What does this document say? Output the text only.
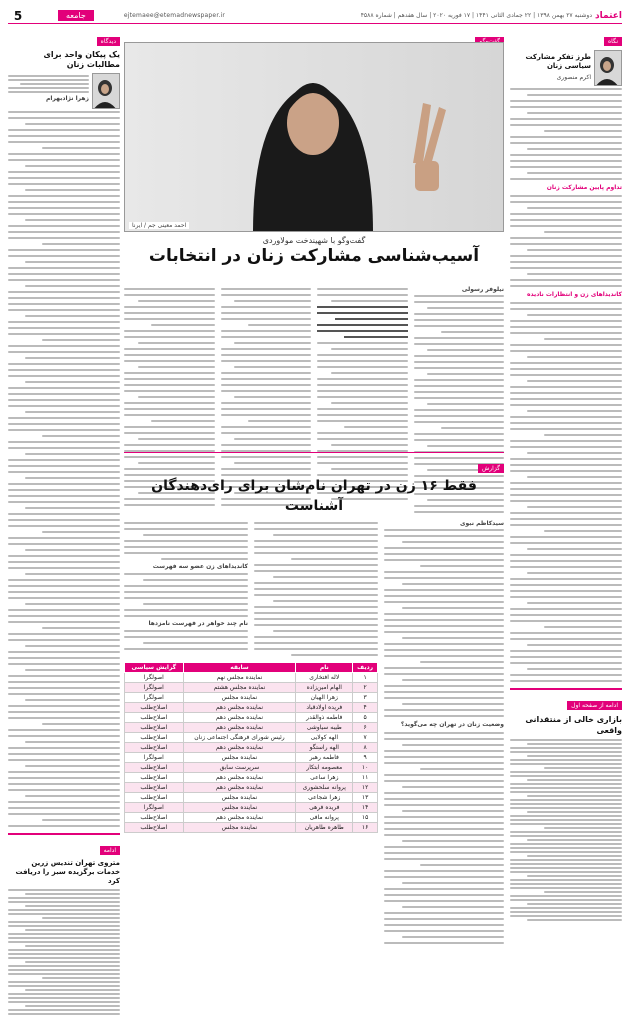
اعتماد
دوشنبه ۲۷ بهمن ۱۳۹۸ | ۲۲ جمادی الثانی ۱۴۴۱ | ۱۷ فوریه ۲۰۲۰ | سال هفدهم | شماره ۴۵۸۸
ejtemaee@etemadnewspaper.ir
جامعه
5
نگاه
طرز تفکر مشارکت سیاسی زنان
اکرم منصوری
تداوم پایین مشارکت زنان
کاندیداهای زن و انتظارات نادیده
ادامه از صفحه اول
بازاری خالی از منتقدانی واقعی
احمد معینی جم / ایرنا
گفت‌وگو با شهیندخت مولاوردی
آسیب‌شناسی مشارکت زنان در انتخابات
نیلوفر رسولی
گزارش
فقط ۱۶ زن در تهران نام‌شان برای رای‌دهندگان آشناست
سیدکاظم نبوی
وضعیت زنان در تهران چه می‌گوید؟
کاندیداهای زن عضو سه فهرست
نام چند خواهر در فهرست نامزدها
ردیف	نام	سابقه	گرایش سیاسی
۱	لاله افتخاری	نماینده مجلس نهم	اصولگرا
۲	الهام امین‌زاده	نماینده مجلس هشتم	اصولگرا
۳	زهرا الهیان	نماینده مجلس	اصولگرا
۴	فریده اولادقباد	نماینده مجلس دهم	اصلاح‌طلب
۵	فاطمه ذوالقدر	نماینده مجلس دهم	اصلاح‌طلب
۶	طیبه سیاوشی	نماینده مجلس دهم	اصلاح‌طلب
۷	الهه کولایی	رئیس شورای فرهنگی اجتماعی زنان	اصلاح‌طلب
۸	الهه راستگو	نماینده مجلس دهم	اصلاح‌طلب
۹	فاطمه رهبر	نماینده مجلس	اصولگرا
۱۰	معصومه ابتکار	سرپرست سابق	اصلاح‌طلب
۱۱	زهرا ساعی	نماینده مجلس دهم	اصلاح‌طلب
۱۲	پروانه سلحشوری	نماینده مجلس دهم	اصلاح‌طلب
۱۳	زهرا شجاعی	نماینده مجلس	اصلاح‌طلب
۱۴	فریده فرهی	نماینده مجلس	اصولگرا
۱۵	پروانه مافی	نماینده مجلس دهم	اصلاح‌طلب
۱۶	طاهره طاهریان	نماینده مجلس	اصلاح‌طلب
دیدگاه
یک پیکان واحد برای مطالبات زنان
زهرا نژادبهرام
ادامه
متروی تهران تندیس زرین خدمات برگزیده سبز را دریافت کرد
